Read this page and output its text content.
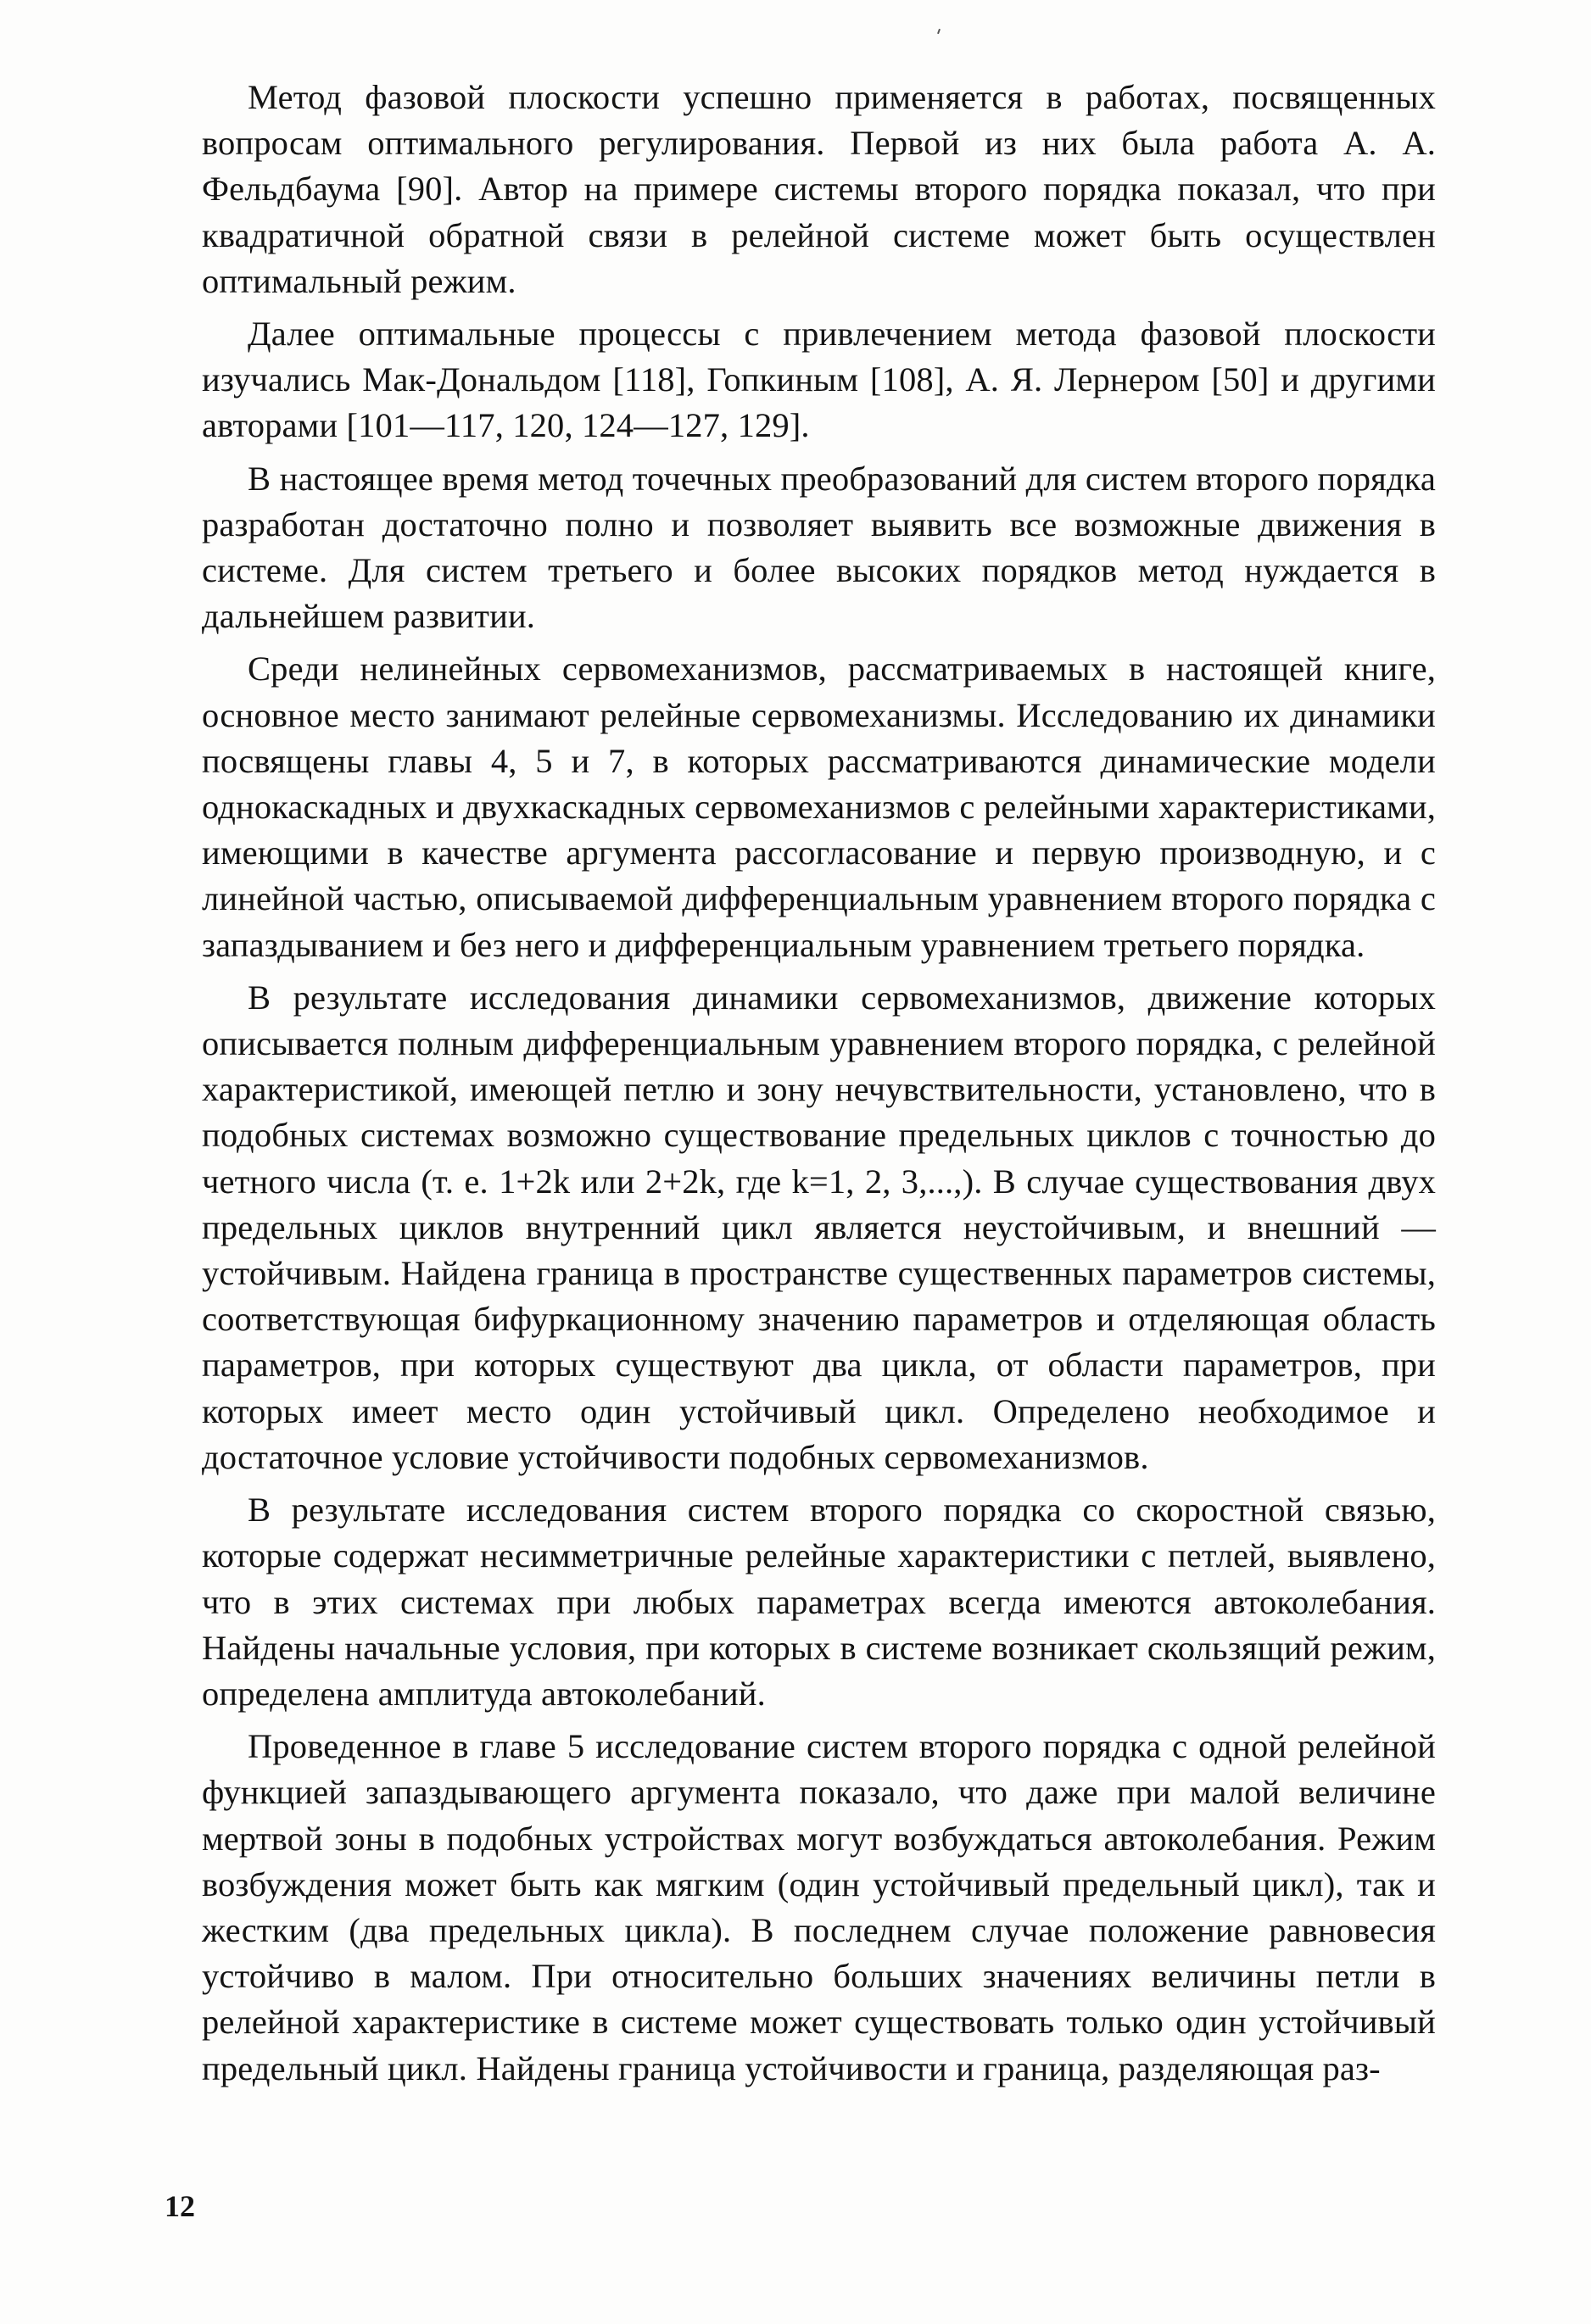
Метод фазовой плоскости успешно применяется в работах, посвященных вопросам оптимального регулирования. Первой из них была работа А. А. Фельдбаума [90]. Автор на примере системы второго порядка показал, что при квадратичной обратной связи в релейной системе может быть осуществлен оптимальный режим.

Далее оптимальные процессы с привлечением метода фазовой плоскости изучались Мак-Дональдом [118], Гопкиным [108], А. Я. Лернером [50] и другими авторами [101—117, 120, 124—127, 129].

В настоящее время метод точечных преобразований для систем второго порядка разработан достаточно полно и позволяет выявить все возможные движения в системе. Для систем третьего и более высоких порядков метод нуждается в дальнейшем развитии.

Среди нелинейных сервомеханизмов, рассматриваемых в настоящей книге, основное место занимают релейные сервомеханизмы. Исследованию их динамики посвящены главы 4, 5 и 7, в которых рассматриваются динамические модели однокаскадных и двухкаскадных сервомеханизмов с релейными характеристиками, имеющими в качестве аргумента рассогласование и первую производную, и с линейной частью, описываемой дифференциальным уравнением второго порядка с запаздыванием и без него и дифференциальным уравнением третьего порядка.

В результате исследования динамики сервомеханизмов, движение которых описывается полным дифференциальным уравнением второго порядка, с релейной характеристикой, имеющей петлю и зону нечувствительности, установлено, что в подобных системах возможно существование предельных циклов с точностью до четного числа (т. е. 1+2k или 2+2k, где k=1, 2, 3,...,). В случае существования двух предельных циклов внутренний цикл является неустойчивым, и внешний — устойчивым. Найдена граница в пространстве существенных параметров системы, соответствующая бифуркационному значению параметров и отделяющая область параметров, при которых существуют два цикла, от области параметров, при которых имеет место один устойчивый цикл. Определено необходимое и достаточное условие устойчивости подобных сервомеханизмов.

В результате исследования систем второго порядка со скоростной связью, которые содержат несимметричные релейные характеристики с петлей, выявлено, что в этих системах при любых параметрах всегда имеются автоколебания. Найдены начальные условия, при которых в системе возникает скользящий режим, определена амплитуда автоколебаний.

Проведенное в главе 5 исследование систем второго порядка с одной релейной функцией запаздывающего аргумента показало, что даже при малой величине мертвой зоны в подобных устройствах могут возбуждаться автоколебания. Режим возбуждения может быть как мягким (один устойчивый предельный цикл), так и жестким (два предельных цикла). В последнем случае положение равновесия устойчиво в малом. При относительно больших значениях величины петли в релейной характеристике в системе может существовать только один устойчивый предельный цикл. Найдены граница устойчивости и граница, разделяющая раз-

12
